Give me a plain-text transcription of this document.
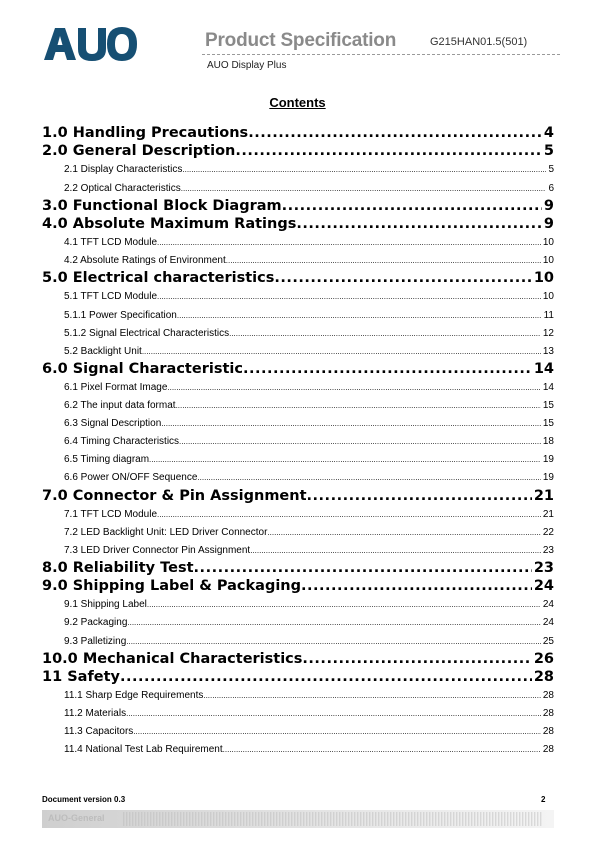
Product Specification	G215HAN01.5(501)
AUO Display Plus
Contents
1.0 Handling Precautions .....	4
2.0 General Description .....	5
2.1 Display Characteristics .....	5
2.2 Optical Characteristics .....	6
3.0 Functional Block Diagram .....	9
4.0 Absolute Maximum Ratings .....	9
4.1 TFT LCD Module .....	10
4.2 Absolute Ratings of Environment .....	10
5.0 Electrical characteristics .....	10
5.1 TFT LCD Module .....	10
5.1.1 Power Specification .....	11
5.1.2 Signal Electrical Characteristics .....	12
5.2 Backlight Unit .....	13
6.0 Signal Characteristic .....	14
6.1 Pixel Format Image .....	14
6.2 The input data format .....	15
6.3 Signal Description .....	15
6.4 Timing Characteristics .....	18
6.5 Timing diagram .....	19
6.6 Power ON/OFF Sequence .....	19
7.0 Connector & Pin Assignment .....	21
7.1 TFT LCD Module .....	21
7.2 LED Backlight Unit: LED Driver Connector .....	22
7.3 LED Driver Connector Pin Assignment .....	23
8.0 Reliability Test .....	23
9.0 Shipping Label & Packaging .....	24
9.1 Shipping Label .....	24
9.2 Packaging .....	24
9.3 Palletizing .....	25
10.0 Mechanical Characteristics .....	26
11 Safety .....	28
11.1 Sharp Edge Requirements .....	28
11.2 Materials .....	28
11.3 Capacitors .....	28
11.4 National Test Lab Requirement .....	28
Document version 0.3	2
AUO-General
